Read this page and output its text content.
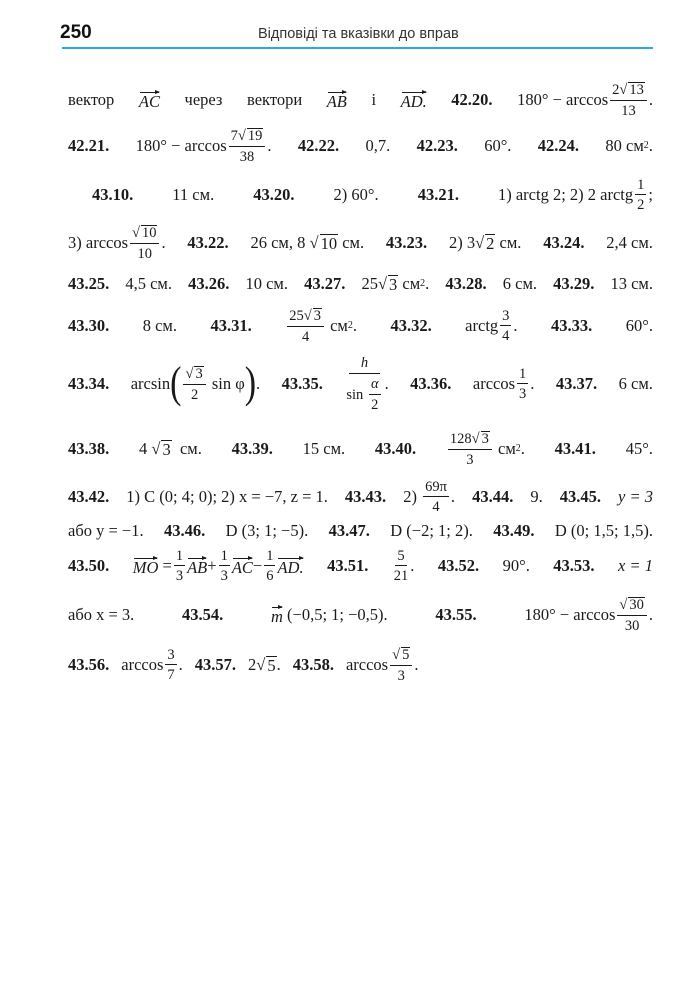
250	Відповіді та вказівки до вправ
вектор AC через вектори AB і AD. 42.20. 180° − arccos
2 √ 13
13
.
42.21. 180° − arccos
7 √ 19
38
. 42.22. 0,7. 42.23. 60°. 42.24. 80 см 2 .
43.10. 11 см. 43.20. 2) 60°. 43.21. 1) arctg 2; 2) 2 arctg $\frac{1}{2}$ ;
3) arccos
√ 10
10
. 43.22. 26 см, 8 √ 10
см. 43.23. 2) 3 √ 2
см. 43.24. 2,4 см.
43.25. 4,5 см. 43.26. 10 см. 43.27. 25 √ 3
см 2 . 43.28. 6 см. 43.29. 13 см.
43.30. 8 см. 43.31.
25 √ 3
4

см 2 . 43.32. arctg $\frac{3}{4}$ . 43.33. 60°.
43.34. arcsin ( √ 3
2

sin φ ) . 43.35.
h
sin
$\frac{\alpha}{2}$ . 43.36. $\arccos \frac{1}{3}$ . 43.37. 6 см.
43.38. 4 √ 3
см. 43.39. 15 см. 43.40.
128 √ 3
3

см 2 . 43.41. 45°.
43.42. 1) C (0; 4; 0); 2) x = −7, z = 1. 43.43. 2)
$\frac{69\pi}{4}$ . 43.44. 9. 43.45. y = 3
або y = −1. 43.46. D (3; 1; −5). 43.47. D (−2; 1; 2). 43.49. D (0; 1,5; 1,5).
43.50. MO
= $\frac{1}{3}$ AB + $\frac{1}{3}$ AC − $\frac{1}{6}$ AD. 43.51. $\frac{5}{21}$ . 43.52. 90°. 43.53. x = 1
або x = 3.	43.54.	m
(−0,5; 1; −0,5).	43.55.	180° − arccos
√ 30
30
.
43.56. $\arccos \frac{3}{7}$ . 43.57. 2 √ 5 . 43.58. arccos
√ 5
3
.
